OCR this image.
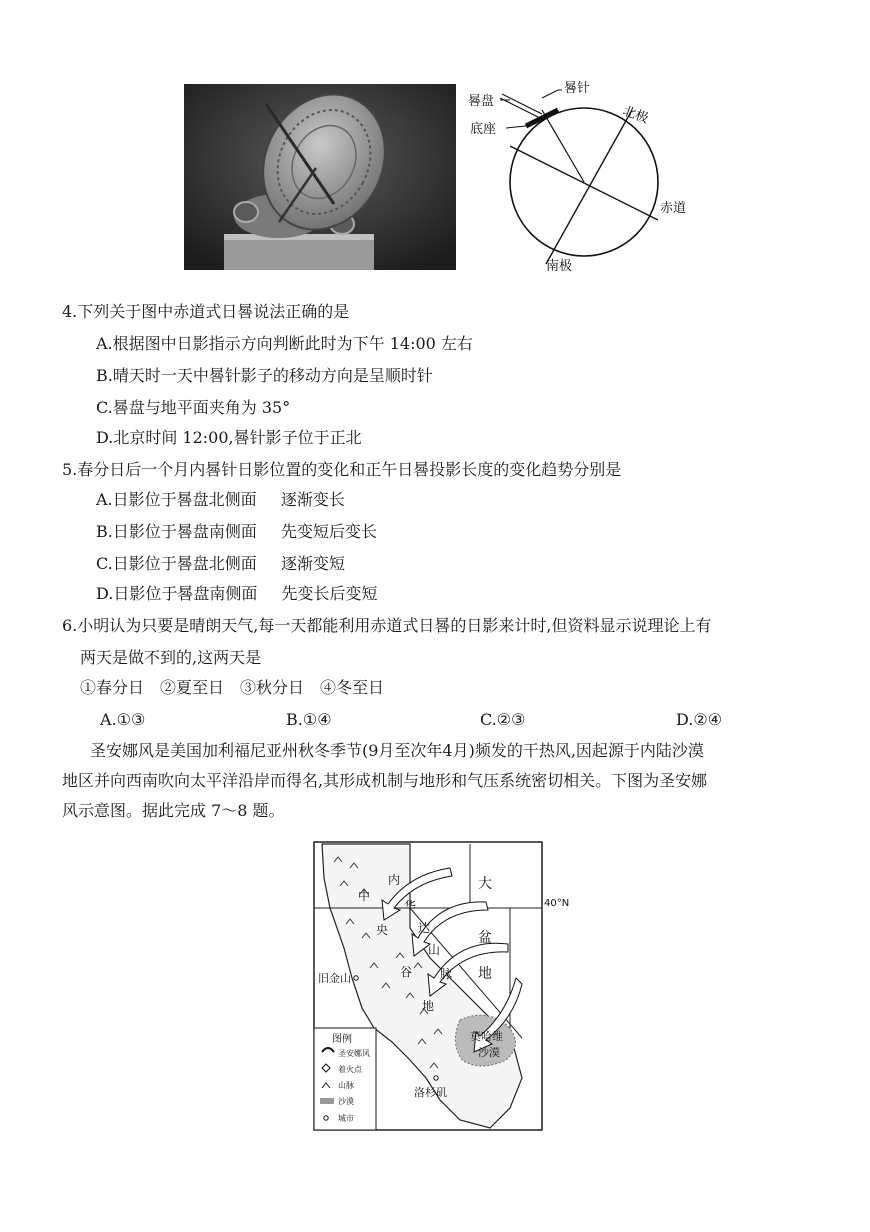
晷针
晷盘
底座
北极
赤道
南极
4.下列关于图中赤道式日晷说法正确的是
A.根据图中日影指示方向判断此时为下午 14:00 左右
B.晴天时一天中晷针影子的移动方向是呈顺时针
C.晷盘与地平面夹角为 35°
D.北京时间 12:00,晷针影子位于正北
5.春分日后一个月内晷针日影位置的变化和正午日晷投影长度的变化趋势分别是
A.日影位于晷盘北侧面 逐渐变长
B.日影位于晷盘南侧面 先变短后变长
C.日影位于晷盘北侧面 逐渐变短
D.日影位于晷盘南侧面 先变长后变短
6.小明认为只要是晴朗天气,每一天都能利用赤道式日晷的日影来计时,但资料显示说理论上有
两天是做不到的,这两天是
①春分日　②夏至日　③秋分日　④冬至日
A.①③	B.①④	C.②③	D.②④
圣安娜风是美国加利福尼亚州秋冬季节(9月至次年4月)频发的干热风,因起源于内陆沙漠
地区并向西南吹向太平洋沿岸而得名,其形成机制与地形和气压系统密切相关。下图为圣安娜
风示意图。据此完成 7～8 题。
大
盆
地
40°N
中
央
谷
地
内
华
达
山
脉
旧金山
洛杉矶
莫哈维
沙漠
图例
圣安娜风
着火点
山脉
沙漠
城市
